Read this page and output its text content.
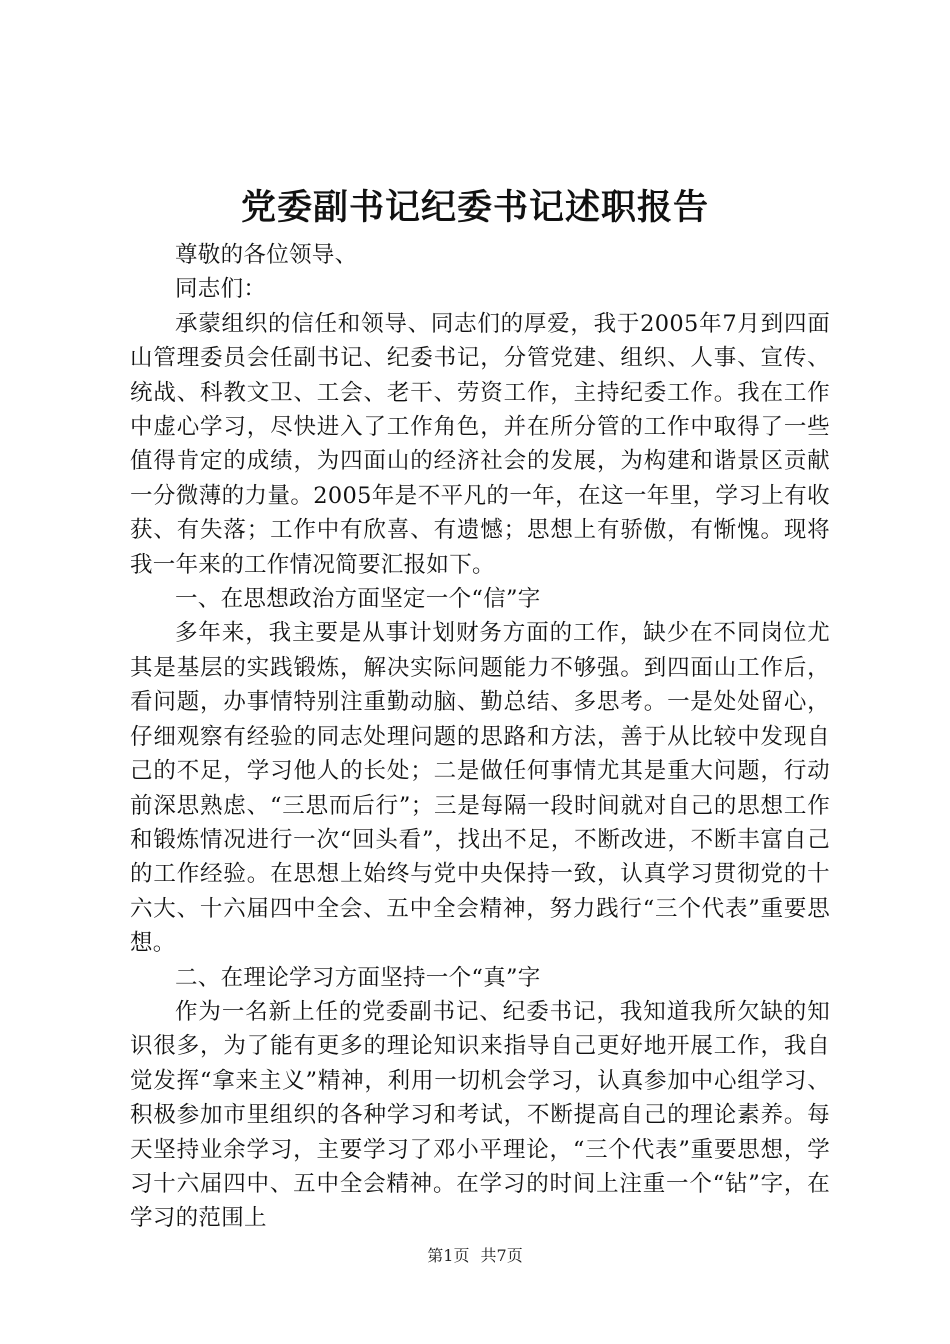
党委副书记纪委书记述职报告

尊敬的各位领导、

同志们：

承蒙组织的信任和领导、同志们的厚爱，我于2005年7月到四面山管理委员会任副书记、纪委书记，分管党建、组织、人事、宣传、统战、科教文卫、工会、老干、劳资工作，主持纪委工作。我在工作中虚心学习，尽快进入了工作角色，并在所分管的工作中取得了一些值得肯定的成绩，为四面山的经济社会的发展，为构建和谐景区贡献一分微薄的力量。2005年是不平凡的一年，在这一年里，学习上有收获、有失落；工作中有欣喜、有遗憾；思想上有骄傲，有惭愧。现将我一年来的工作情况简要汇报如下。

一、在思想政治方面坚定一个“信”字

多年来，我主要是从事计划财务方面的工作，缺少在不同岗位尤其是基层的实践锻炼，解决实际问题能力不够强。到四面山工作后，看问题，办事情特别注重勤动脑、勤总结、多思考。一是处处留心，仔细观察有经验的同志处理问题的思路和方法，善于从比较中发现自己的不足，学习他人的长处；二是做任何事情尤其是重大问题，行动前深思熟虑、“三思而后行”；三是每隔一段时间就对自己的思想工作和锻炼情况进行一次“回头看”，找出不足，不断改进，不断丰富自己的工作经验。在思想上始终与党中央保持一致，认真学习贯彻党的十六大、十六届四中全会、五中全会精神，努力践行“三个代表”重要思想。

二、在理论学习方面坚持一个“真”字

作为一名新上任的党委副书记、纪委书记，我知道我所欠缺的知识很多，为了能有更多的理论知识来指导自己更好地开展工作，我自觉发挥“拿来主义”精神，利用一切机会学习，认真参加中心组学习、积极参加市里组织的各种学习和考试，不断提高自己的理论素养。每天坚持业余学习，主要学习了邓小平理论，“三个代表”重要思想，学习十六届四中、五中全会精神。在学习的时间上注重一个“钻”字，在学习的范围上

第1页 共7页
